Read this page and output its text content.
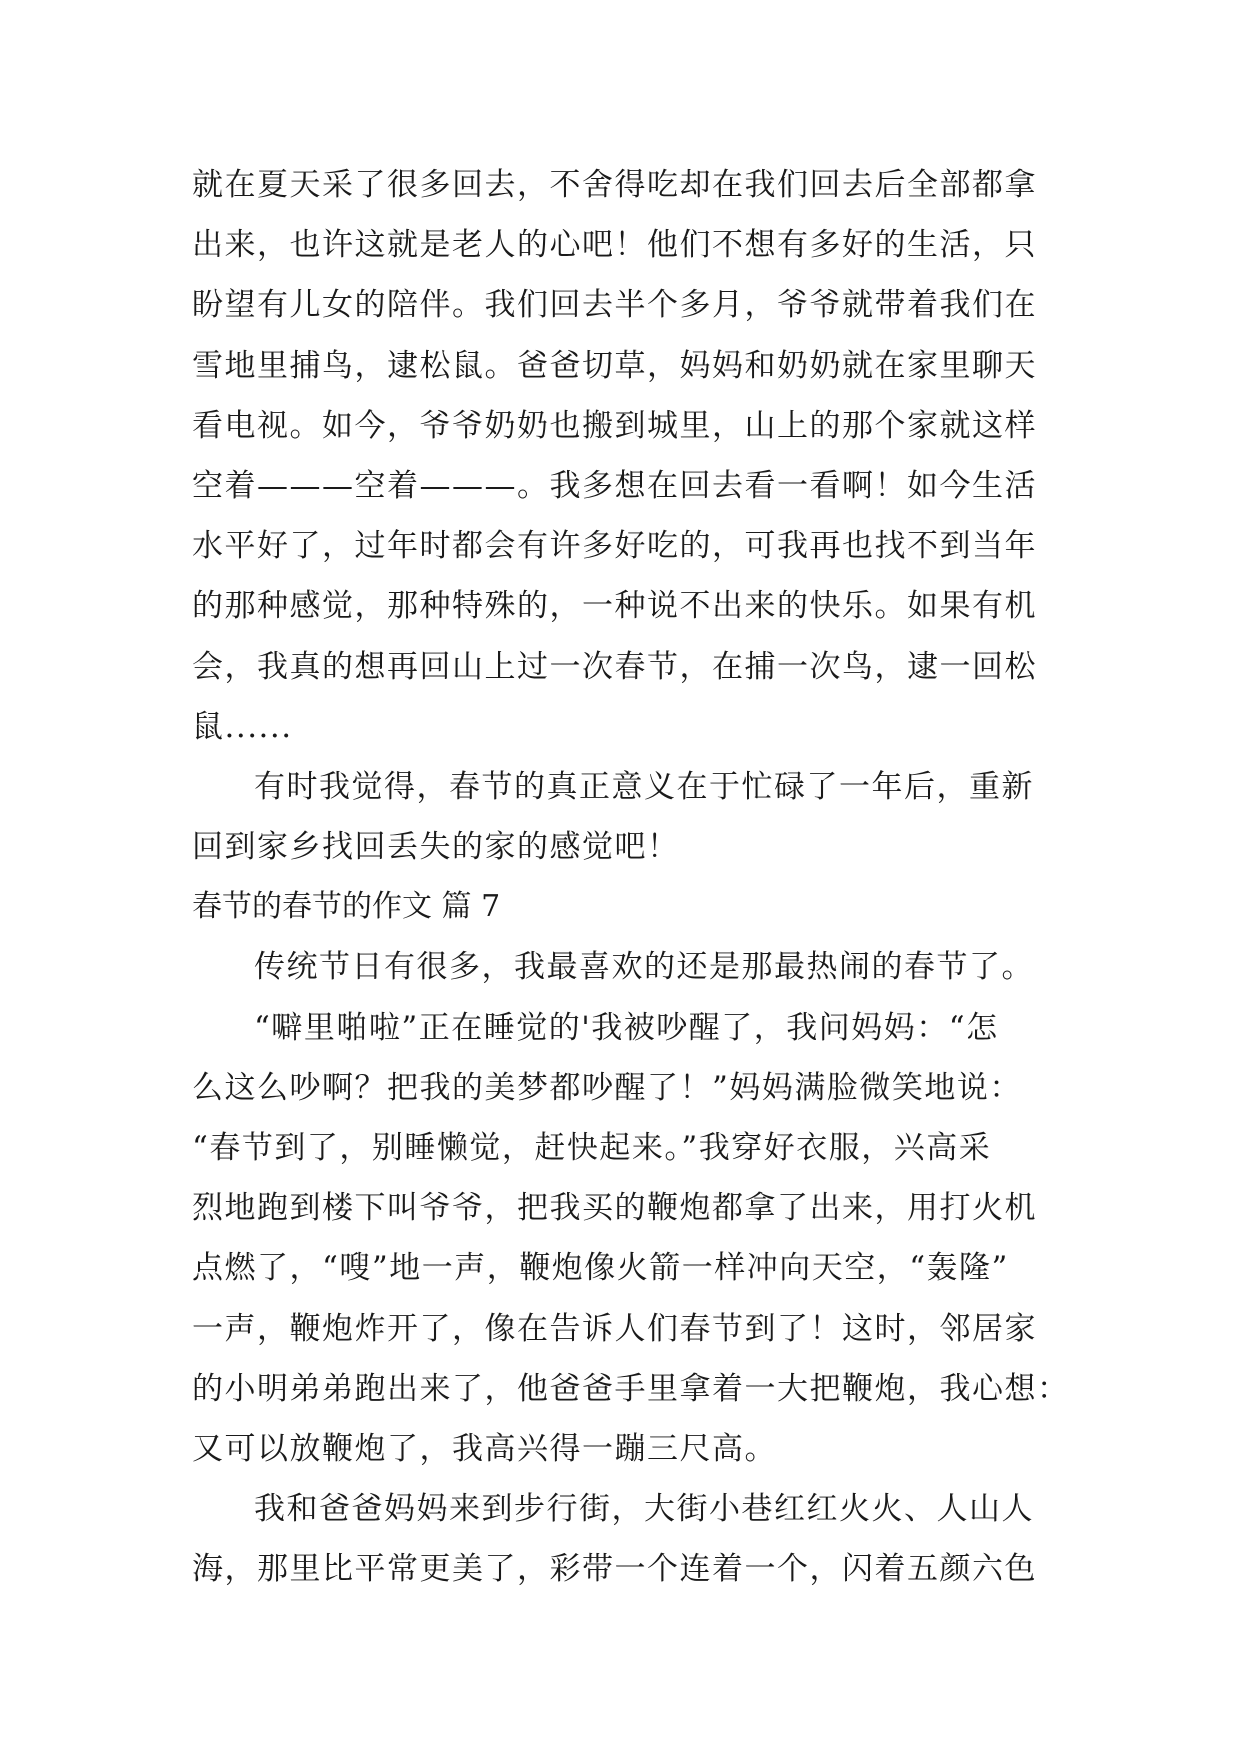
就在夏天采了很多回去，不舍得吃却在我们回去后全部都拿
出来，也许这就是老人的心吧！他们不想有多好的生活，只
盼望有儿女的陪伴。我们回去半个多月，爷爷就带着我们在
雪地里捕鸟，逮松鼠。爸爸切草，妈妈和奶奶就在家里聊天
看电视。如今，爷爷奶奶也搬到城里，山上的那个家就这样
空着———空着———。我多想在回去看一看啊！如今生活
水平好了，过年时都会有许多好吃的，可我再也找不到当年
的那种感觉，那种特殊的，一种说不出来的快乐。如果有机
会，我真的想再回山上过一次春节，在捕一次鸟，逮一回松
鼠......
有时我觉得，春节的真正意义在于忙碌了一年后，重新
回到家乡找回丢失的家的感觉吧！
春节的春节的作文 篇 7
传统节日有很多，我最喜欢的还是那最热闹的春节了。
“噼里啪啦”正在睡觉的'我被吵醒了，我问妈妈：“怎
么这么吵啊？把我的美梦都吵醒了！”妈妈满脸微笑地说：
“春节到了，别睡懒觉，赶快起来。”我穿好衣服，兴高采
烈地跑到楼下叫爷爷，把我买的鞭炮都拿了出来，用打火机
点燃了，“嗖”地一声，鞭炮像火箭一样冲向天空，“轰隆”
一声，鞭炮炸开了，像在告诉人们春节到了！这时，邻居家
的小明弟弟跑出来了，他爸爸手里拿着一大把鞭炮，我心想：
又可以放鞭炮了，我高兴得一蹦三尺高。
我和爸爸妈妈来到步行街，大街小巷红红火火、人山人
海，那里比平常更美了，彩带一个连着一个，闪着五颜六色
